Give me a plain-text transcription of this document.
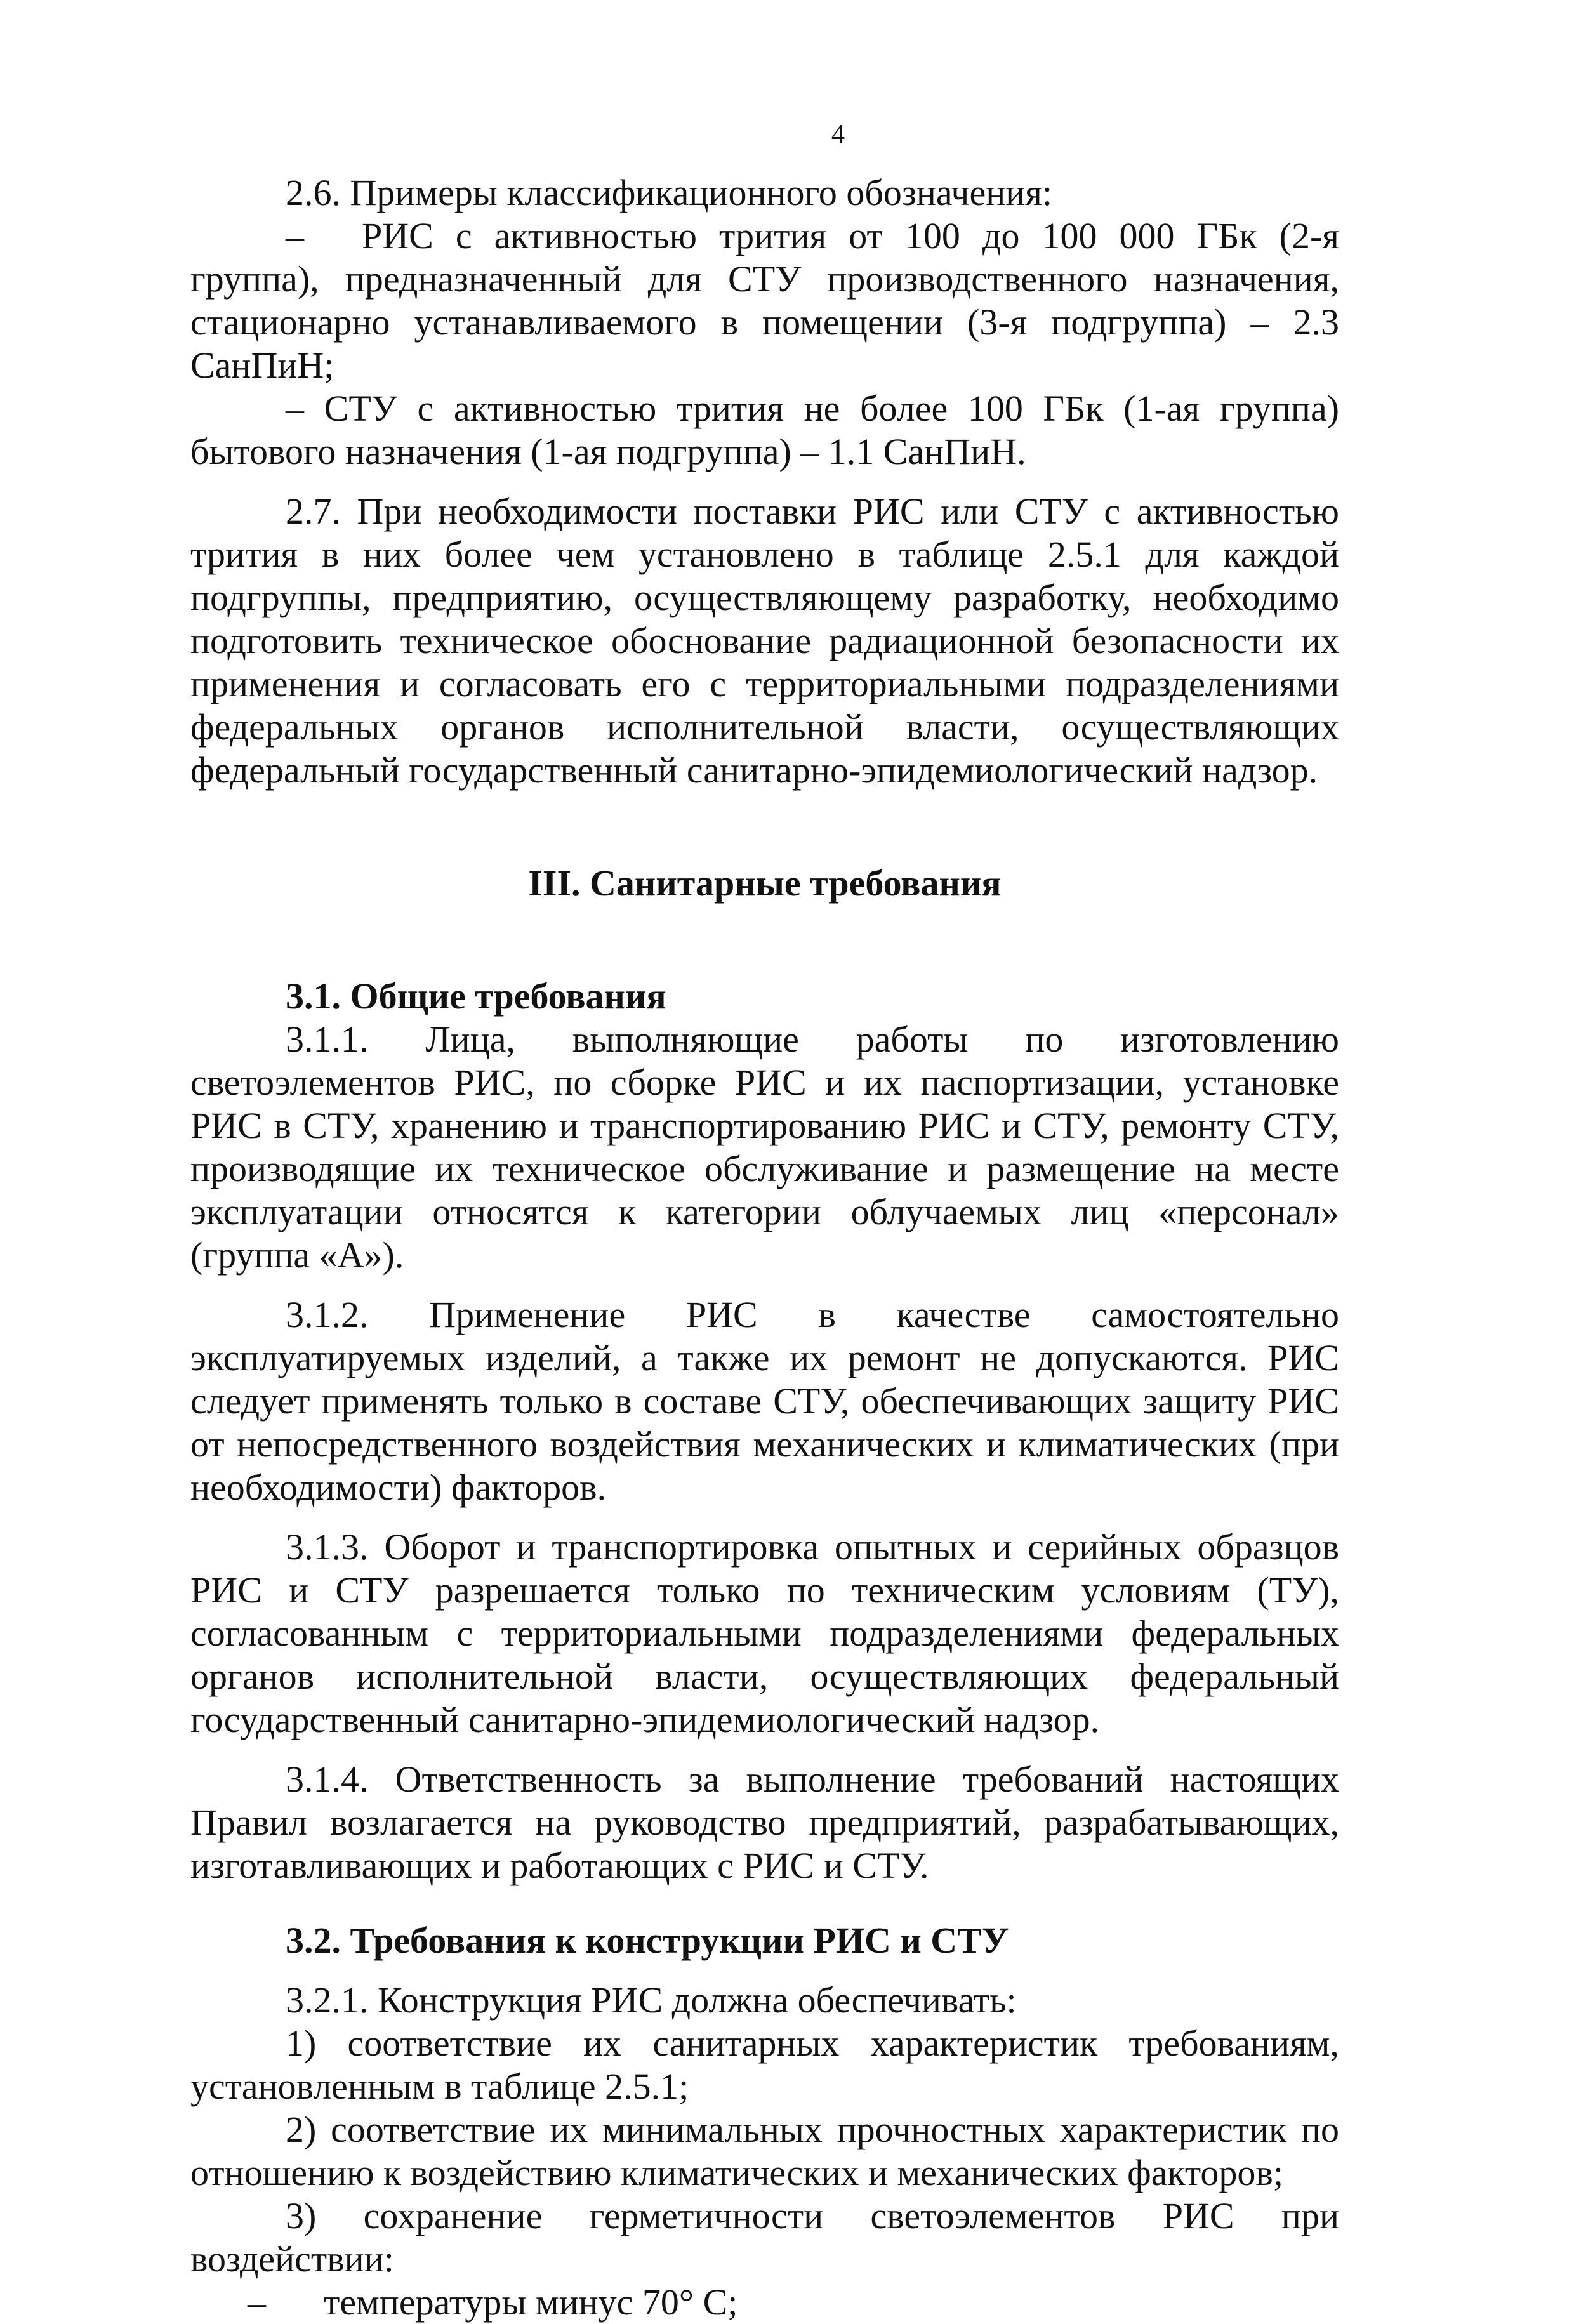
4

2.6. Примеры классификационного обозначения:

– РИС с активностью трития от 100 до 100 000 ГБк (2-я группа), предназначенный для СТУ производственного назначения, стационарно устанавливаемого в помещении (3-я подгруппа) – 2.3 СанПиН;

– СТУ с активностью трития не более 100 ГБк (1-ая группа) бытового назначения (1-ая подгруппа) – 1.1 СанПиН.

2.7. При необходимости поставки РИС или СТУ с активностью трития в них более чем установлено в таблице 2.5.1 для каждой подгруппы, предприятию, осуществляющему разработку, необходимо подготовить техническое обоснование радиационной безопасности их применения и согласовать его с территориальными подразделениями федеральных органов исполнительной власти, осуществляющих федеральный государственный санитарно-эпидемиологический надзор.

III. Санитарные требования

3.1. Общие требования

3.1.1. Лица, выполняющие работы по изготовлению светоэлементов РИС, по сборке РИС и их паспортизации, установке РИС в СТУ, хранению и транспортированию РИС и СТУ, ремонту СТУ, производящие их техническое обслуживание и размещение на месте эксплуатации относятся к категории облучаемых лиц «персонал» (группа «А»).

3.1.2. Применение РИС в качестве самостоятельно эксплуатируемых изделий, а также их ремонт не допускаются. РИС следует применять только в составе СТУ, обеспечивающих защиту РИС от непосредственного воздействия механических и климатических (при необходимости) факторов.

3.1.3. Оборот и транспортировка опытных и серийных образцов РИС и СТУ разрешается только по техническим условиям (ТУ), согласованным с территориальными подразделениями федеральных органов исполнительной власти, осуществляющих федеральный государственный санитарно-эпидемиологический надзор.

3.1.4. Ответственность за выполнение требований настоящих Правил возлагается на руководство предприятий, разрабатывающих, изготавливающих и работающих с РИС и СТУ.

3.2. Требования к конструкции РИС и СТУ

3.2.1. Конструкция РИС должна обеспечивать:

1) соответствие их санитарных характеристик требованиям, установленным в таблице 2.5.1;

2) соответствие их минимальных прочностных характеристик по отношению к воздействию климатических и механических факторов;

3) сохранение герметичности светоэлементов РИС при воздействии:

– температуры минус 70° С;
